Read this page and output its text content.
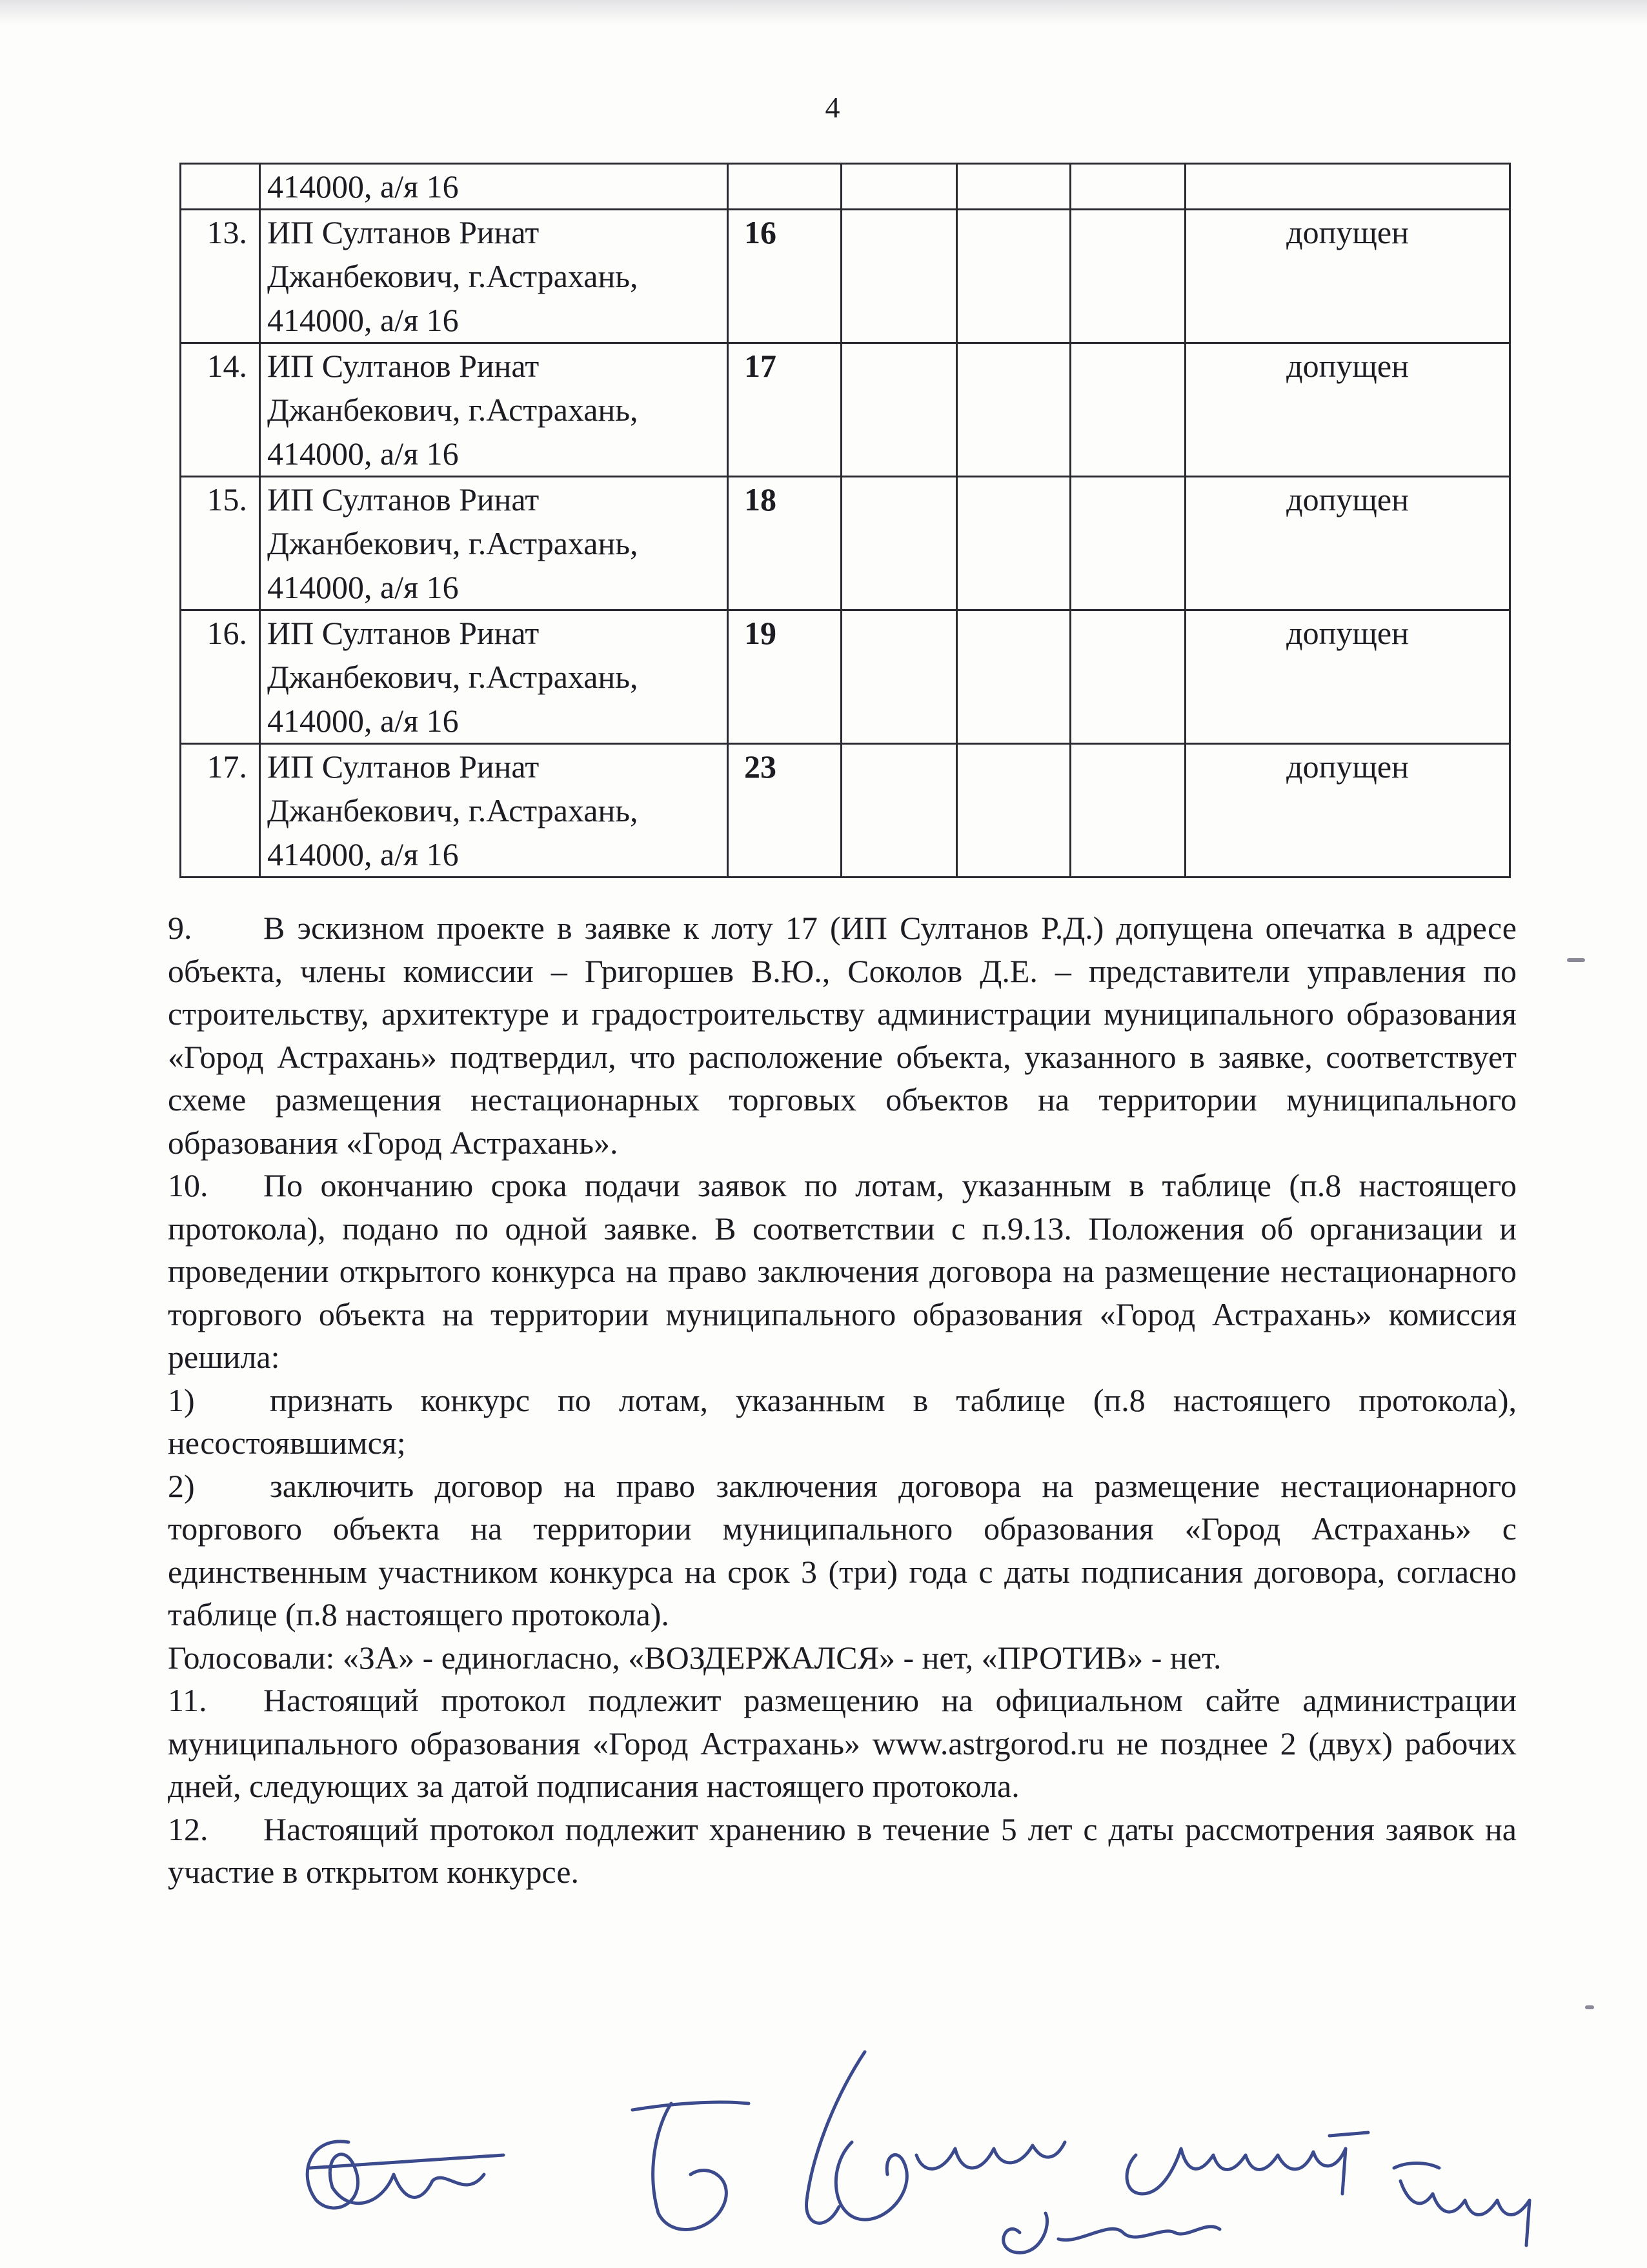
4

	414000, а/я 16					

13.	ИП Султанов Ринат
Джанбекович, г.Астрахань,
414000, а/я 16	16				допущен
14.	ИП Султанов Ринат
Джанбекович, г.Астрахань,
414000, а/я 16	17				допущен
15.	ИП Султанов Ринат
Джанбекович, г.Астрахань,
414000, а/я 16	18				допущен
16.	ИП Султанов Ринат
Джанбекович, г.Астрахань,
414000, а/я 16	19				допущен
17.	ИП Султанов Ринат
Джанбекович, г.Астрахань,
414000, а/я 16	23				допущен

9. В эскизном проекте в заявке к лоту 17 (ИП Султанов Р.Д.) допущена опечатка в адресе объекта, члены комиссии – Григоршев В.Ю., Соколов Д.Е. – представители управления по строительству, архитектуре и градостроительству администрации муниципального образования «Город Астрахань» подтвердил, что расположение объекта, указанного в заявке, соответствует схеме размещения нестационарных торговых объектов на территории муниципального образования «Город Астрахань».

10. По окончанию срока подачи заявок по лотам, указанным в таблице (п.8 настоящего протокола), подано по одной заявке. В соответствии с п.9.13. Положения об организации и проведении открытого конкурса на право заключения договора на размещение нестационарного торгового объекта на территории муниципального образования «Город Астрахань» комиссия решила:

1) признать конкурс по лотам, указанным в таблице (п.8 настоящего протокола), несостоявшимся;

2) заключить договор на право заключения договора на размещение нестационарного торгового объекта на территории муниципального образования «Город Астрахань» с единственным участником конкурса на срок 3 (три) года с даты подписания договора, согласно таблице (п.8 настоящего протокола).

Голосовали: «ЗА» - единогласно, «ВОЗДЕРЖАЛСЯ» - нет, «ПРОТИВ» - нет.

11. Настоящий протокол подлежит размещению на официальном сайте администрации муниципального образования «Город Астрахань» www.astrgorod.ru не позднее 2 (двух) рабочих дней, следующих за датой подписания настоящего протокола.

12. Настоящий протокол подлежит хранению в течение 5 лет с даты рассмотрения заявок на участие в открытом конкурсе.
